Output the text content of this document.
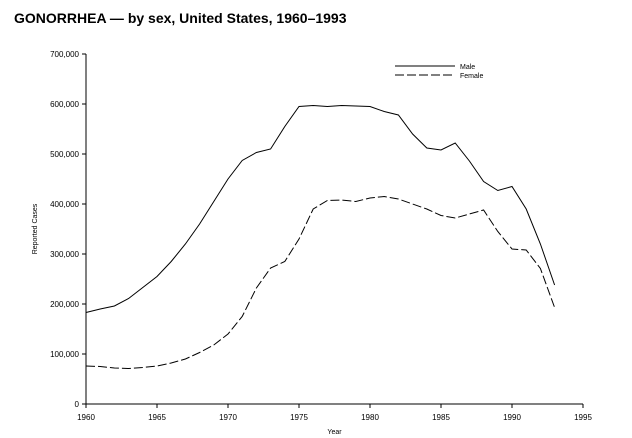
GONORRHEA — by sex, United States, 1960–1993
0
100,000
200,000
300,000
400,000
500,000
600,000
700,000
1960	1965	1970	1975	1980	1985	1990	1995
Male
Female
Reported Cases
Year
